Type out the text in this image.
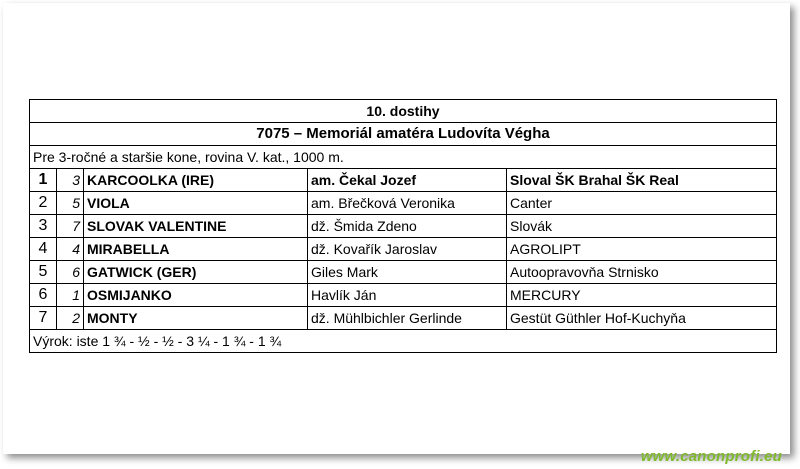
10. dostihy				
7075 – Memoriál amatéra Ludovíta Végha				
Pre 3-ročné a staršie kone, rovina V. kat., 1000 m.				
1	3	KARCOOLKA (IRE)	am. Čekal Jozef	Sloval ŠK Brahal ŠK Real
2	5	VIOLA	am. Břečková Veronika	Canter
3	7	SLOVAK VALENTINE	dž. Šmida Zdeno	Slovák
4	4	MIRABELLA	dž. Kovařík Jaroslav	AGROLIPT
5	6	GATWICK (GER)	Giles Mark	Autoopravovňa Strnisko
6	1	OSMIJANKO	Havlík Ján	MERCURY
7	2	MONTY	dž. Mühlbichler Gerlinde	Gestüt Güthler Hof-Kuchyňa
Výrok: iste 1 ¾ - ½ - ½ - 3 ¼ - 1 ¾ - 1 ¾				
www.canonprofi.eu
